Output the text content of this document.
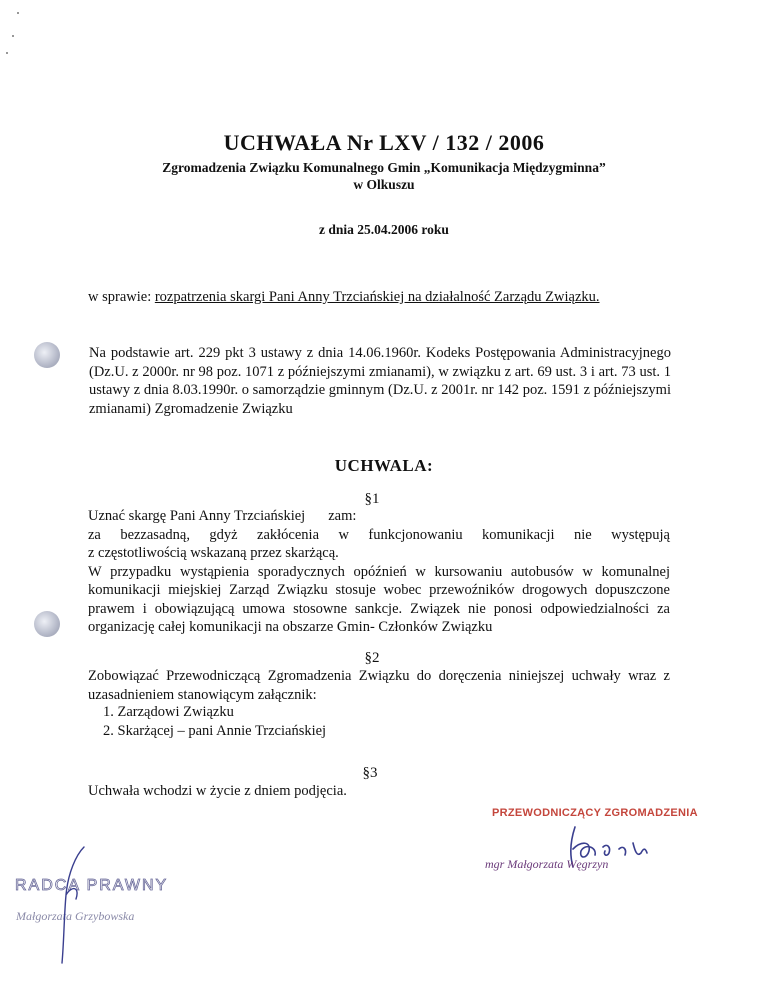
UCHWAŁA Nr LXV / 132 / 2006
Zgromadzenia Związku Komunalnego Gmin „Komunikacja Międzygminna”
w Olkuszu
z dnia 25.04.2006 roku
w sprawie: rozpatrzenia skargi Pani Anny Trzciańskiej na działalność Zarządu Związku.
Na podstawie art. 229 pkt 3 ustawy z dnia 14.06.1960r. Kodeks Postępowania Administracyjnego (Dz.U. z 2000r. nr 98 poz. 1071 z późniejszymi zmianami), w związku z art. 69 ust. 3 i art. 73 ust. 1 ustawy z dnia 8.03.1990r. o samorządzie gminnym (Dz.U. z 2001r. nr 142 poz. 1591 z późniejszymi zmianami) Zgromadzenie Związku
UCHWALA:
§1
Uznać skargę Pani Anny Trzciańskiej zam:
za bezzasadną, gdyż zakłócenia w funkcjonowaniu komunikacji nie występują
z częstotliwością wskazaną przez skarżącą.
W przypadku wystąpienia sporadycznych opóźnień w kursowaniu autobusów w komunalnej komunikacji miejskiej Zarząd Związku stosuje wobec przewoźników drogowych dopuszczone prawem i obowiązującą umowa stosowne sankcje. Związek nie ponosi odpowiedzialności za organizację całej komunikacji na obszarze Gmin- Członków Związku
§2
Zobowiązać Przewodniczącą Zgromadzenia Związku do doręczenia niniejszej uchwały wraz z uzasadnieniem stanowiącym załącznik:
1. Zarządowi Związku
2. Skarżącej – pani Annie Trzciańskiej
§3
Uchwała wchodzi w życie z dniem podjęcia.
PRZEWODNICZĄCY ZGROMADZENIA
mgr Małgorzata Węgrzyn
RADCA PRAWNY
Małgorzata Grzybowska
